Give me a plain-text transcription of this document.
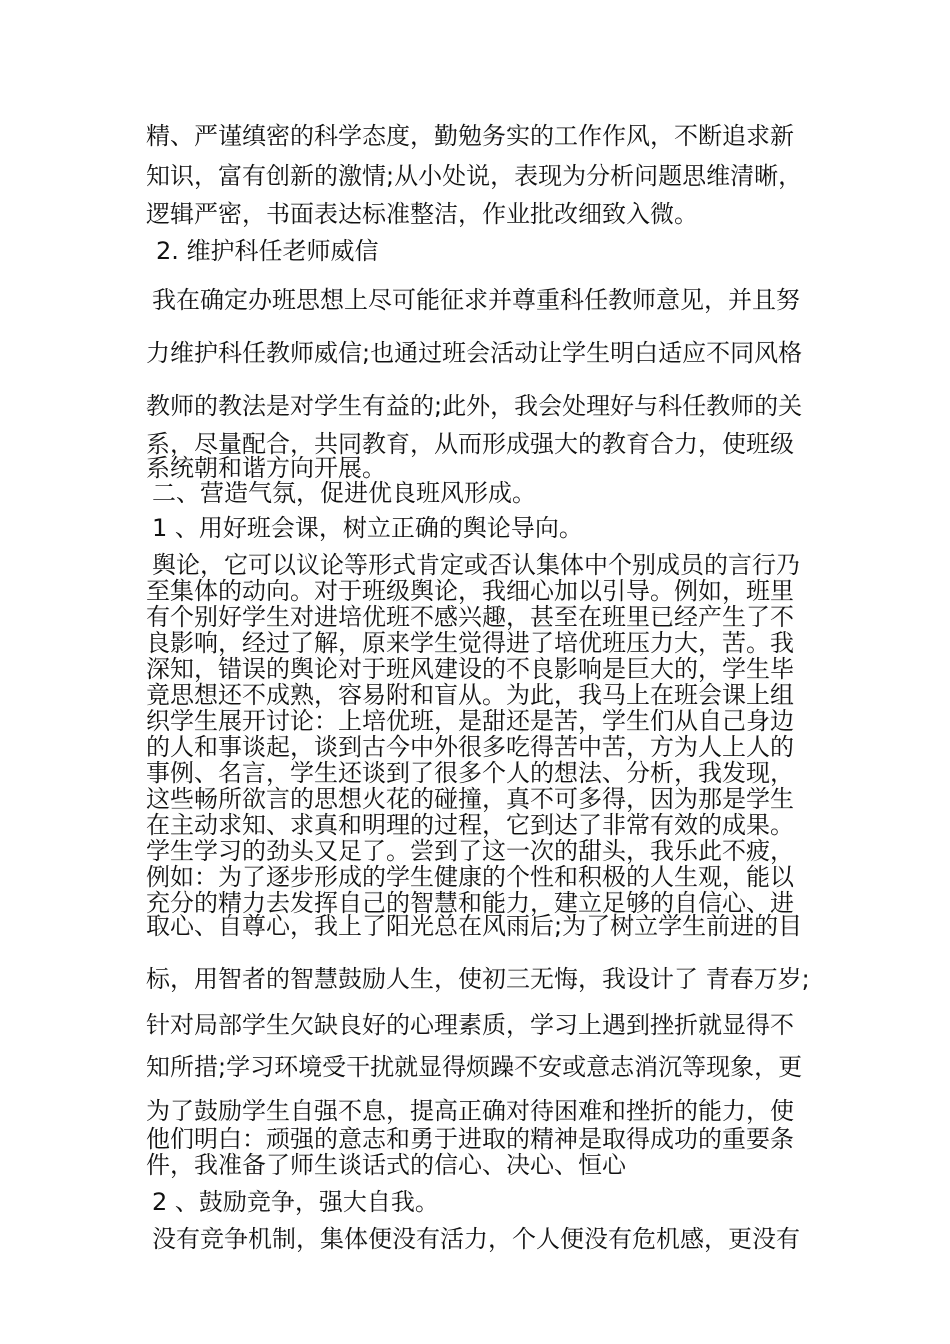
精、严谨缜密的科学态度，勤勉务实的工作作风，不断追求新
知识，富有创新的激情;从小处说，表现为分析问题思维清晰，
逻辑严密，书面表达标准整洁，作业批改细致入微。
2. 维护科任老师威信
我在确定办班思想上尽可能征求并尊重科任教师意见，并且努
力维护科任教师威信;也通过班会活动让学生明白适应不同风格
教师的教法是对学生有益的;此外，我会处理好与科任教师的关
系，尽量配合，共同教育，从而形成强大的教育合力，使班级
系统朝和谐方向开展。
二、营造气氛，促进优良班风形成。
1 、用好班会课，树立正确的舆论导向。
舆论，它可以议论等形式肯定或否认集体中个别成员的言行乃
至集体的动向。对于班级舆论，我细心加以引导。例如，班里
有个别好学生对进培优班不感兴趣，甚至在班里已经产生了不
良影响，经过了解，原来学生觉得进了培优班压力大，苦。我
深知，错误的舆论对于班风建设的不良影响是巨大的，学生毕
竟思想还不成熟，容易附和盲从。为此，我马上在班会课上组
织学生展开讨论：上培优班，是甜还是苦，学生们从自己身边
的人和事谈起，谈到古今中外很多吃得苦中苦，方为人上人的
事例、名言，学生还谈到了很多个人的想法、分析，我发现，
这些畅所欲言的思想火花的碰撞，真不可多得，因为那是学生
在主动求知、求真和明理的过程，它到达了非常有效的成果。
学生学习的劲头又足了。尝到了这一次的甜头，我乐此不疲，
例如：为了逐步形成的学生健康的个性和积极的人生观，能以
充分的精力去发挥自己的智慧和能力，建立足够的自信心、进
取心、自尊心，我上了阳光总在风雨后;为了树立学生前进的目
标，用智者的智慧鼓励人生，使初三无悔，我设计了 青春万岁;
针对局部学生欠缺良好的心理素质，学习上遇到挫折就显得不
知所措;学习环境受干扰就显得烦躁不安或意志消沉等现象，更
为了鼓励学生自强不息，提高正确对待困难和挫折的能力，使
他们明白：顽强的意志和勇于进取的精神是取得成功的重要条
件，我准备了师生谈话式的信心、决心、恒心
2 、鼓励竞争，强大自我。
没有竞争机制，集体便没有活力，个人便没有危机感，更没有
